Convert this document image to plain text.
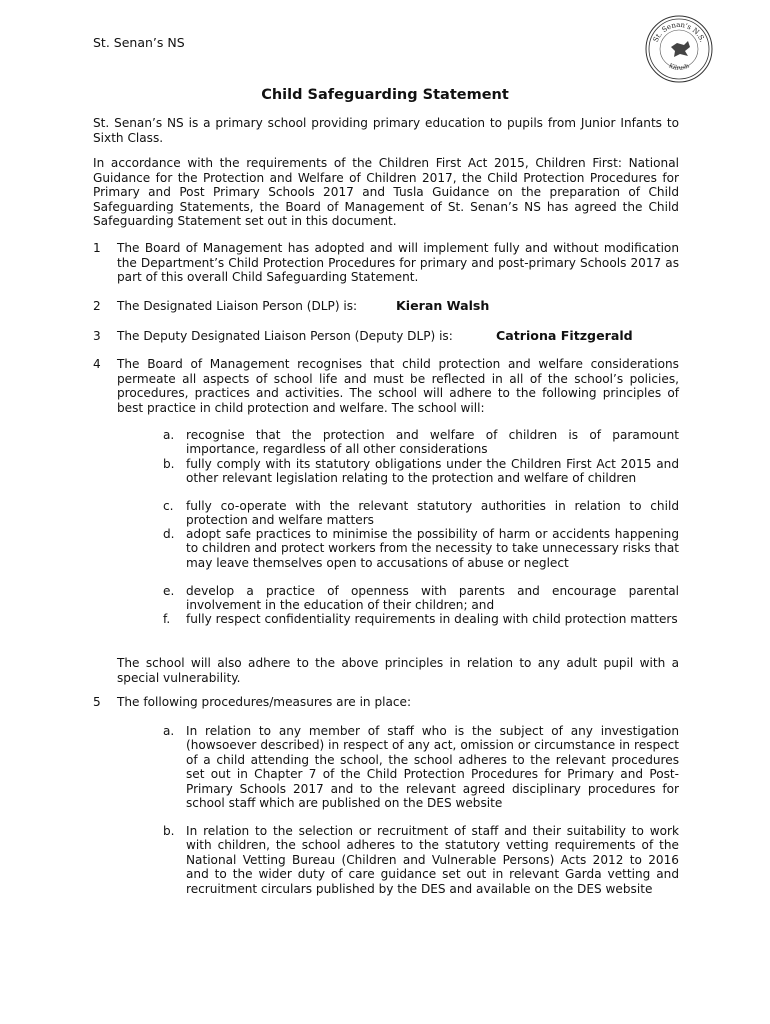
St. Senan’s NS	St. Senan's N.S.
Kilrush
Child Safeguarding Statement
St. Senan’s NS is a primary school providing primary education to pupils from Junior Infants to Sixth Class.
In accordance with the requirements of the Children First Act 2015, Children First: National Guidance for the Protection and Welfare of Children 2017, the Child Protection Procedures for Primary and Post Primary Schools 2017 and Tusla Guidance on the preparation of Child Safeguarding Statements, the Board of Management of St. Senan’s NS has agreed the Child Safeguarding Statement set out in this document.
1 The Board of Management has adopted and will implement fully and without modification the Department’s Child Protection Procedures for primary and post-primary Schools 2017 as part of this overall Child Safeguarding Statement.
2 The Designated Liaison Person (DLP) is:	Kieran Walsh
3 The Deputy Designated Liaison Person (Deputy DLP) is:	Catriona Fitzgerald
4 The Board of Management recognises that child protection and welfare considerations permeate all aspects of school life and must be reflected in all of the school’s policies, procedures, practices and activities. The school will adhere to the following principles of best practice in child protection and welfare. The school will:
a. recognise that the protection and welfare of children is of paramount importance, regardless of all other considerations
b. fully comply with its statutory obligations under the Children First Act 2015 and other relevant legislation relating to the protection and welfare of children
c. fully co-operate with the relevant statutory authorities in relation to child protection and welfare matters
d. adopt safe practices to minimise the possibility of harm or accidents happening to children and protect workers from the necessity to take unnecessary risks that may leave themselves open to accusations of abuse or neglect
e. develop a practice of openness with parents and encourage parental involvement in the education of their children; and
f. fully respect confidentiality requirements in dealing with child protection matters
The school will also adhere to the above principles in relation to any adult pupil with a special vulnerability.
5 The following procedures/measures are in place:
a. In relation to any member of staff who is the subject of any investigation (howsoever described) in respect of any act, omission or circumstance in respect of a child attending the school, the school adheres to the relevant procedures set out in Chapter 7 of the Child Protection Procedures for Primary and Post-Primary Schools 2017 and to the relevant agreed disciplinary procedures for school staff which are published on the DES website
b. In relation to the selection or recruitment of staff and their suitability to work with children, the school adheres to the statutory vetting requirements of the National Vetting Bureau (Children and Vulnerable Persons) Acts 2012 to 2016 and to the wider duty of care guidance set out in relevant Garda vetting and recruitment circulars published by the DES and available on the DES website
